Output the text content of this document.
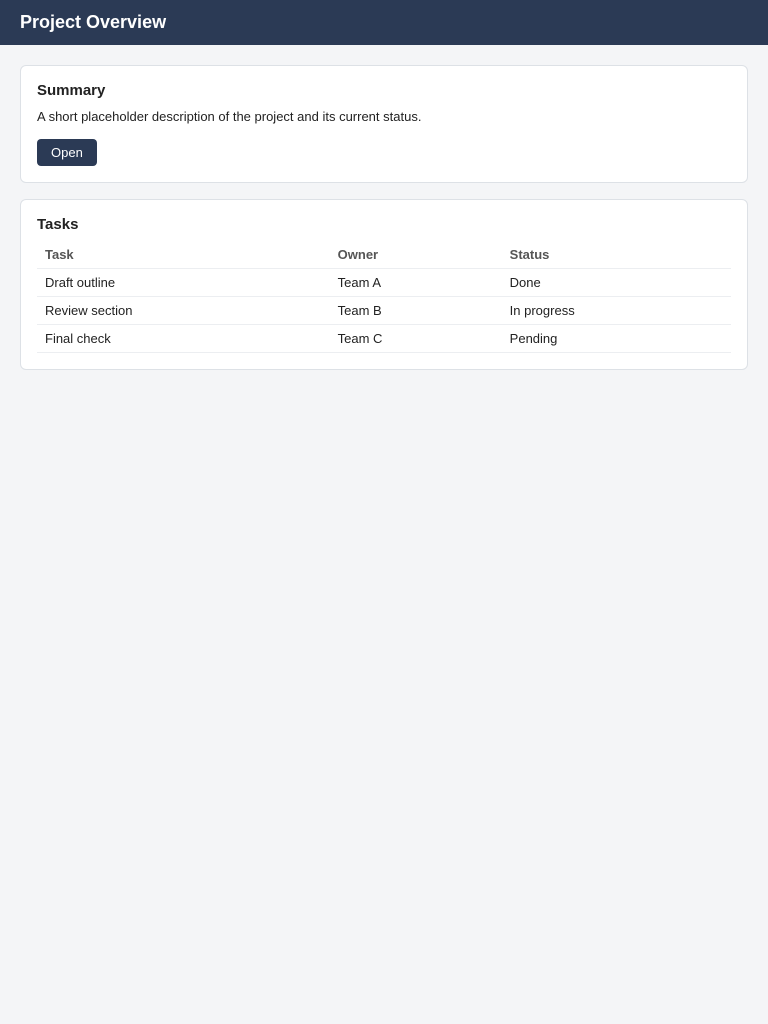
Project Overview
Summary

A short placeholder description of the project and its current status.

Open
Tasks
Task	Owner	Status
Draft outline	Team A	Done
Review section	Team B	In progress
Final check	Team C	Pending
